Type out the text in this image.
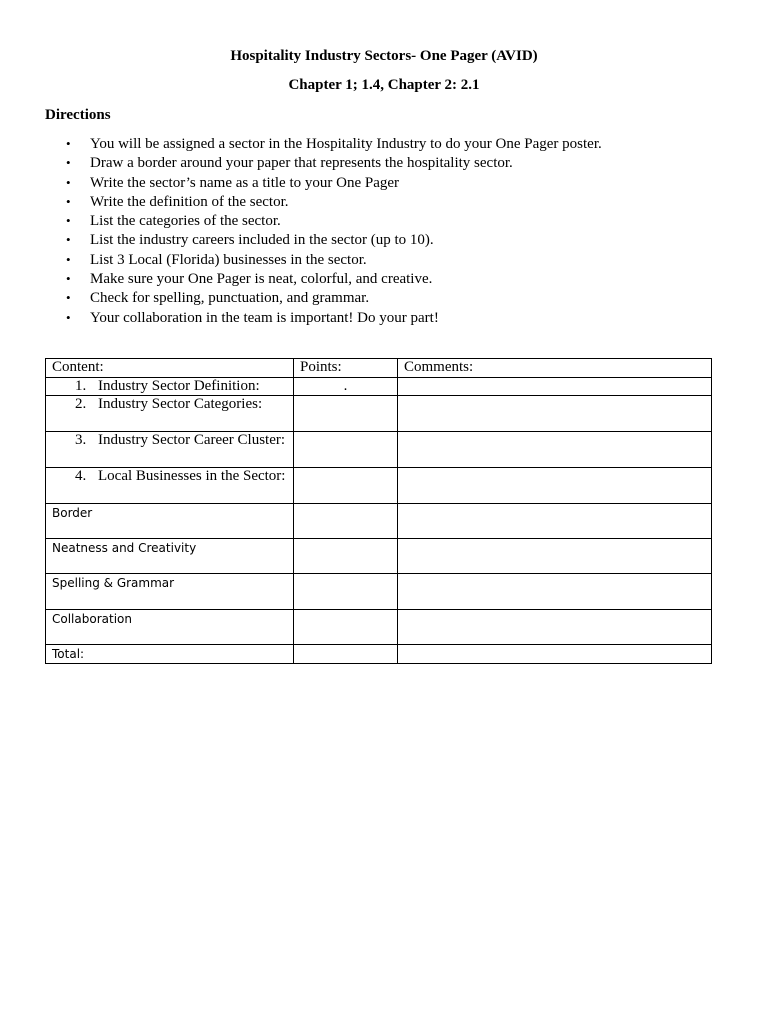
Hospitality Industry Sectors- One Pager (AVID)
Chapter 1; 1.4, Chapter 2: 2.1
Directions
• You will be assigned a sector in the Hospitality Industry to do your One Pager poster.
• Draw a border around your paper that represents the hospitality sector.
• Write the sector’s name as a title to your One Pager
• Write the definition of the sector.
• List the categories of the sector.
• List the industry careers included in the sector (up to 10).
• List 3 Local (Florida) businesses in the sector.
• Make sure your One Pager is neat, colorful, and creative.
• Check for spelling, punctuation, and grammar.
• Your collaboration in the team is important! Do your part!
Content:	Points:	Comments:
1. Industry Sector Definition:	.	
2. Industry Sector Categories:		
3. Industry Sector Career Cluster:		
4. Local Businesses in the Sector:		
Border		
Neatness and Creativity		
Spelling & Grammar		
Collaboration		
Total:		
